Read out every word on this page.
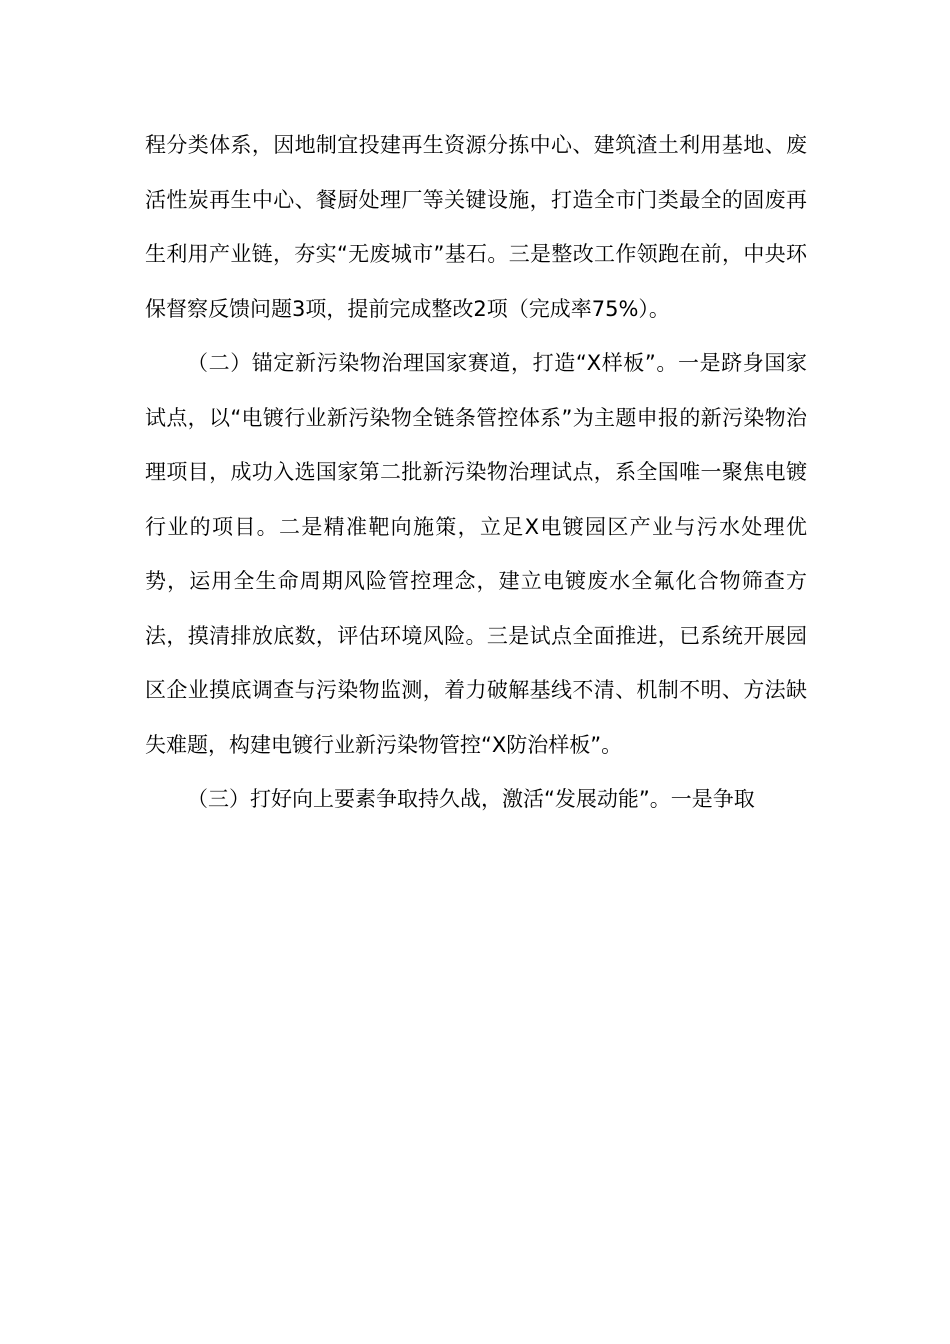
程分类体系，因地制宜投建再生资源分拣中心、建筑渣土利用基地、废活性炭再生中心、餐厨处理厂等关键设施，打造全市门类最全的固废再生利用产业链，夯实“无废城市”基石。三是整改工作领跑在前，中央环保督察反馈问题3项，提前完成整改2项（完成率75%）。

（二）锚定新污染物治理国家赛道，打造“X样板”。一是跻身国家试点，以“电镀行业新污染物全链条管控体系”为主题申报的新污染物治理项目，成功入选国家第二批新污染物治理试点，系全国唯一聚焦电镀行业的项目。二是精准靶向施策，立足X电镀园区产业与污水处理优势，运用全生命周期风险管控理念，建立电镀废水全氟化合物筛查方法，摸清排放底数，评估环境风险。三是试点全面推进，已系统开展园区企业摸底调查与污染物监测，着力破解基线不清、机制不明、方法缺失难题，构建电镀行业新污染物管控“X防治样板”。

（三）打好向上要素争取持久战，激活“发展动能”。一是争取
